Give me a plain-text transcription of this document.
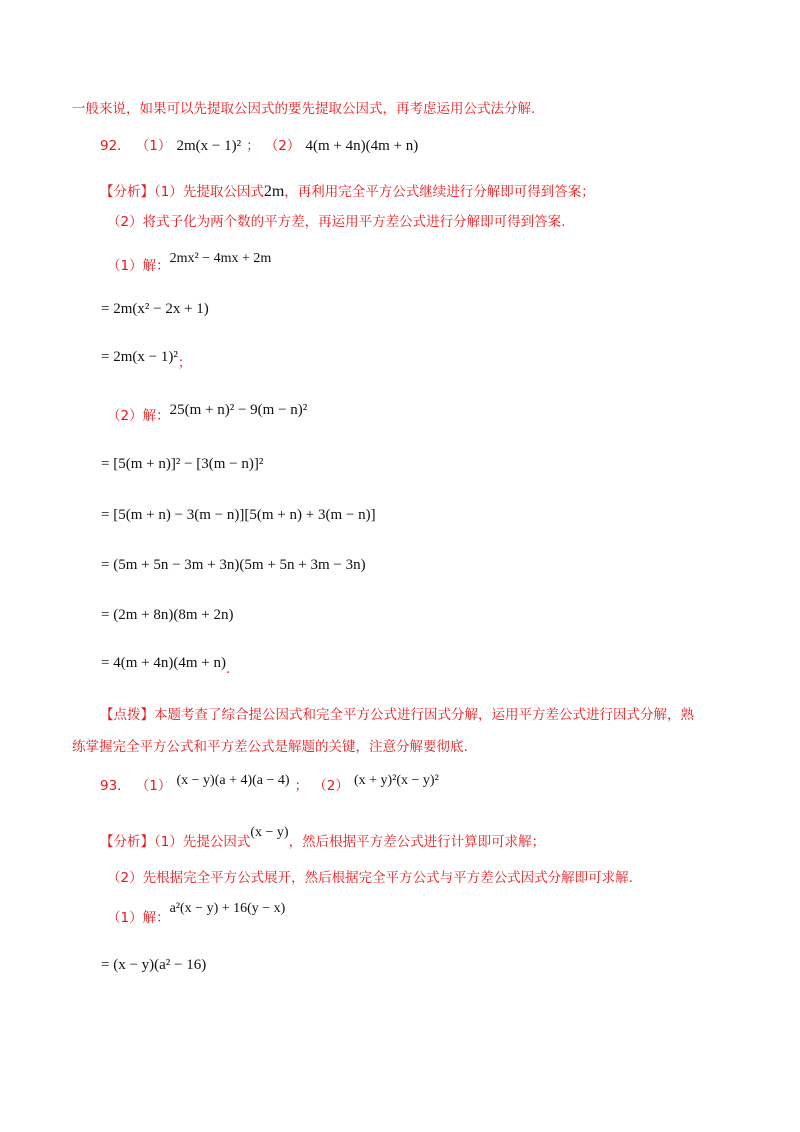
一般来说，如果可以先提取公因式的要先提取公因式，再考虑运用公式法分解.
92． （1） 2m(x − 1)² ； （2） 4(m + 4n)(4m + n)
【分析】（1）先提取公因式2m，再利用完全平方公式继续进行分解即可得到答案；
（2）将式子化为两个数的平方差，再运用平方差公式进行分解即可得到答案.
$_{(1)解:}$2mx² − 4mx + 2m
= 2m(x² − 2x + 1)
= $2m(x - 1)^2_;$
$_{(2)解:}$25(m + n)² − 9(m − n)²
= [5(m + n)]² − [3(m − n)]²
= [5(m + n) − 3(m − n)][5(m + n) + 3(m − n)]
= (5m + 5n − 3m + 3n)(5m + 5n + 3m − 3n)
= (2m + 8n)(8m + 2n)
= $4(m + 4n)(4m + n)_.$
【点拨】本题考查了综合提公因式和完全平方公式进行因式分解，运用平方差公式进行因式分解，熟
练掌握完全平方公式和平方差公式是解题的关键，注意分解要彻底.
$_{93.}$ $_{(1)}$ (x − y)(a + 4)(a − 4) $_;$ $_{(2)}$ (x + y)²(x − y)²
【分析】（1）先提公因式(x − y)，然后根据平方差公式进行计算即可求解；
（2）先根据完全平方公式展开，然后根据完全平方公式与平方差公式因式分解即可求解.
$_{(1)解:}$a²(x − y) + 16(y − x)
= (x − y)(a² − 16)
